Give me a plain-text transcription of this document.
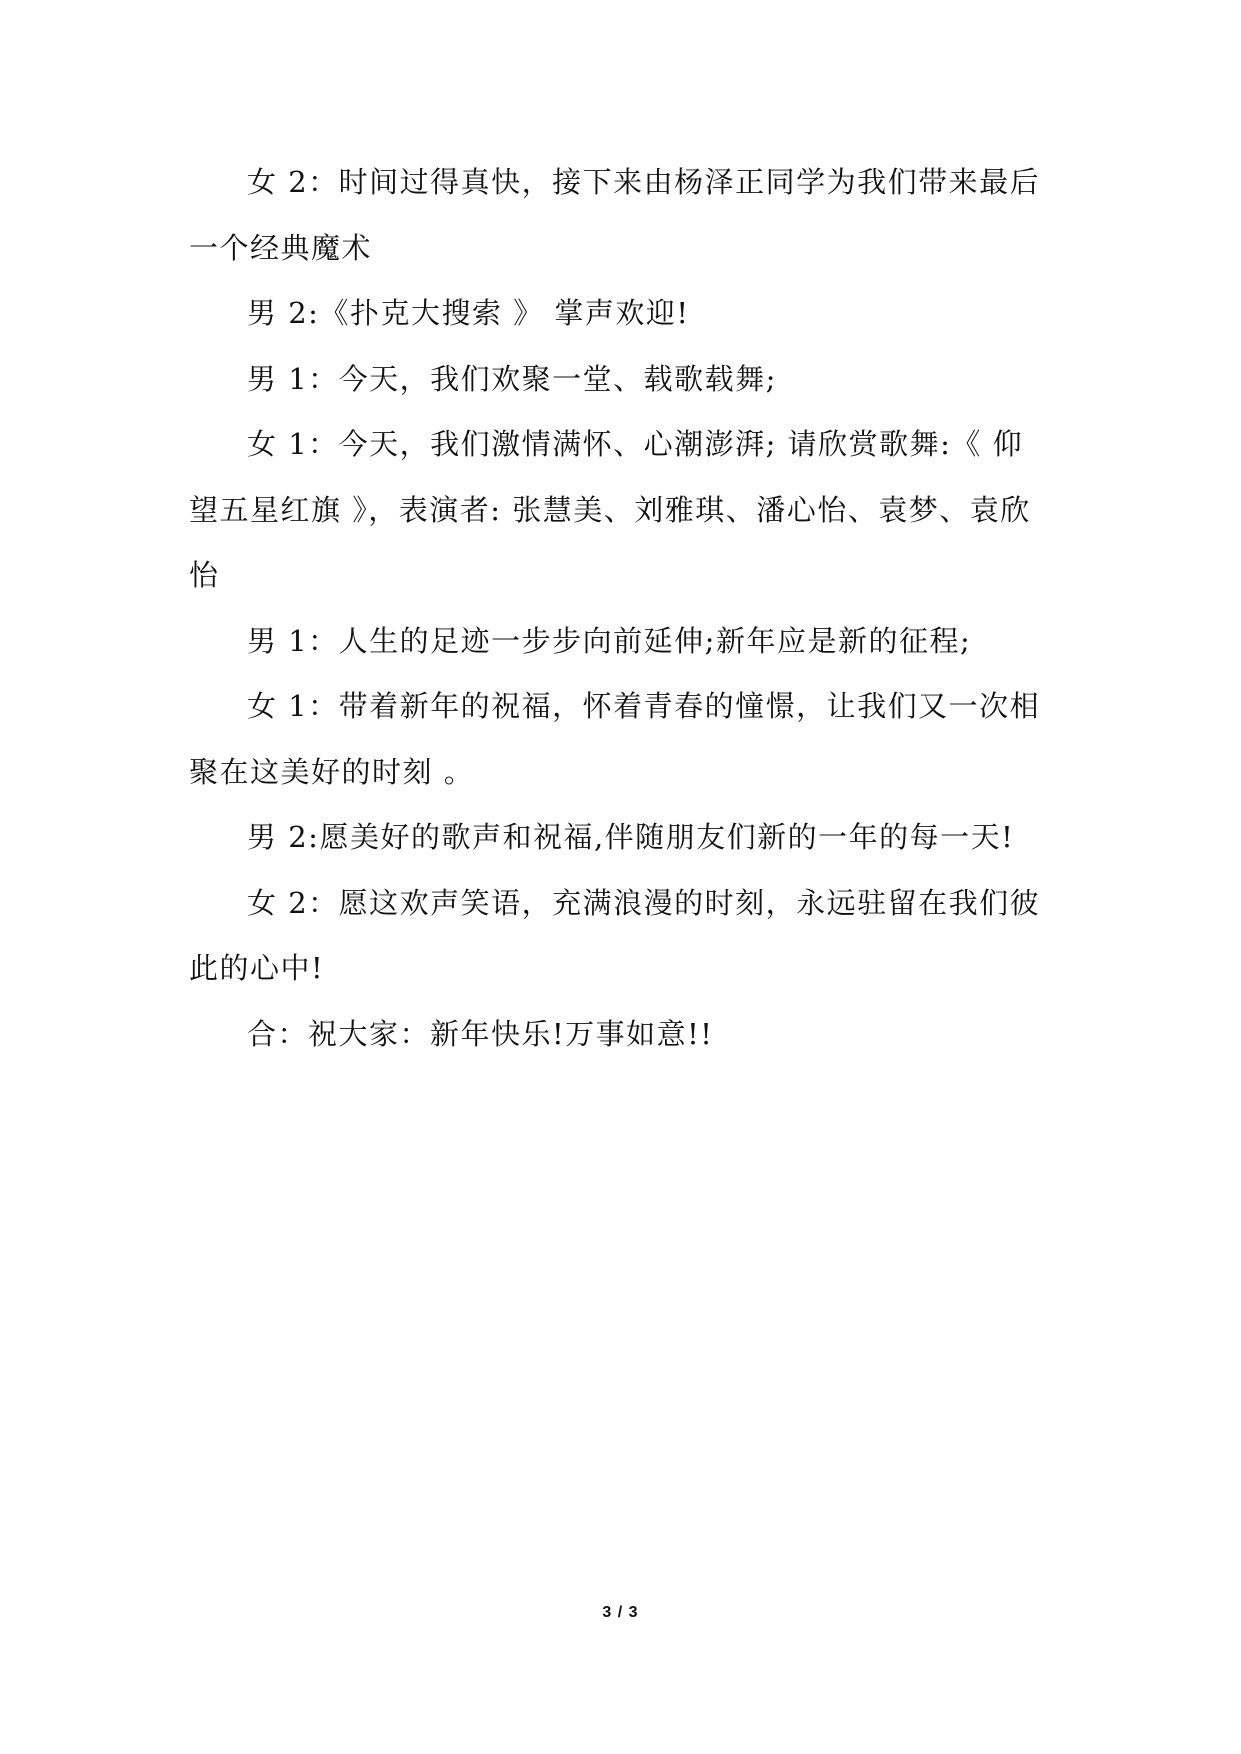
女 2：时间过得真快，接下来由杨泽正同学为我们带来最后
一个经典魔术

男 2:《扑克大搜索 》 掌声欢迎!

男 1：今天，我们欢聚一堂、载歌载舞;

女 1：今天，我们激情满怀、心潮澎湃; 请欣赏歌舞:《 仰
望五星红旗 》，表演者: 张慧美、刘雅琪、潘心怡、袁梦、袁欣
怡

男 1：人生的足迹一步步向前延伸;新年应是新的征程;

女 1：带着新年的祝福，怀着青春的憧憬，让我们又一次相
聚在这美好的时刻 。

男 2:愿美好的歌声和祝福,伴随朋友们新的一年的每一天!

女 2：愿这欢声笑语，充满浪漫的时刻，永远驻留在我们彼
此的心中!

合：祝大家：新年快乐!万事如意!!

3 / 3
